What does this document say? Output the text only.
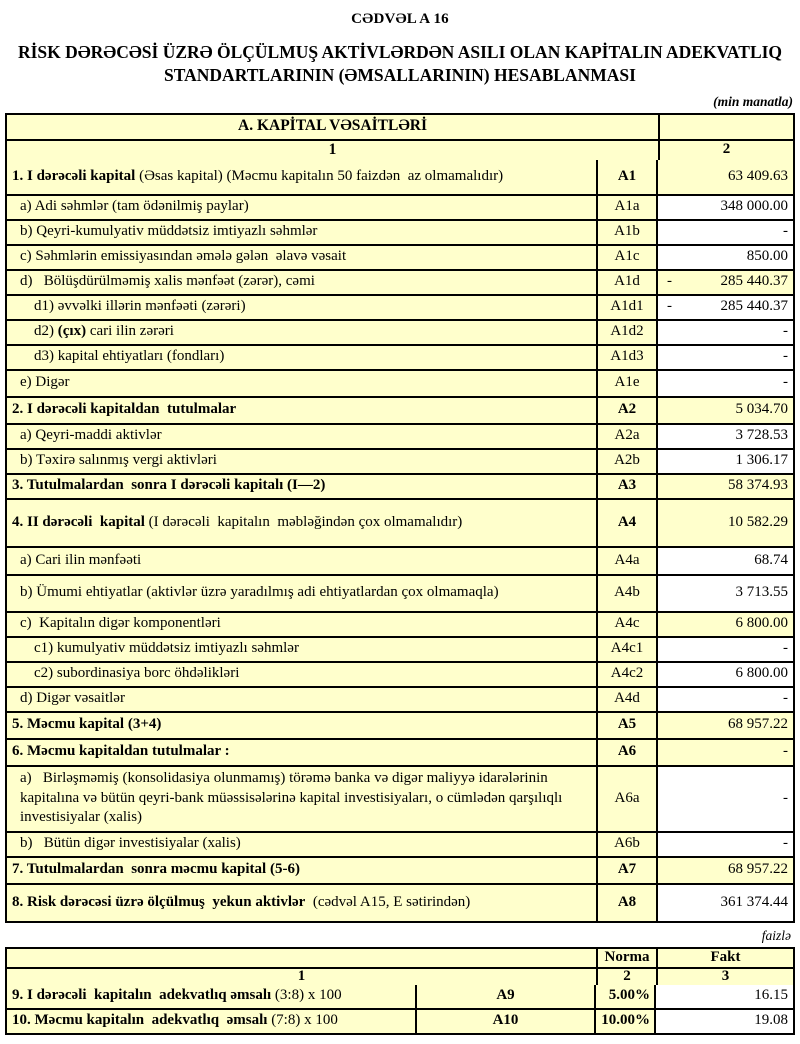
CƏDVƏL A 16
RİSK DƏRƏCƏSİ ÜZRƏ ÖLÇÜLMUŞ AKTİVLƏRDƏN ASILI OLAN KAPİTALIN ADEKVATLIQ STANDARTLARININ (ƏMSALLARININ) HESABLANMASI
(min manatla)
A. KAPİTAL VƏSAİTLƏRİ
1	2
1. I dərəcəli kapital (Əsas kapital) (Məcmu kapitalın 50 faizdən  az olmamalıdır)	A1	63 409.63
a) Adi səhmlər (tam ödənilmiş paylar)	A1a	348 000.00
b) Qeyri-kumulyativ müddətsiz imtiyazlı səhmlər	A1b	-
c) Səhmlərin emissiyasından əmələ gələn  əlavə vəsait	A1c	850.00
d)   Bölüşdürülməmiş xalis mənfəət (zərər), cəmi	A1d	-	285 440.37
d1) əvvəlki illərin mənfəəti (zərəri)	A1d1	-	285 440.37
d2) (çıx) cari ilin zərəri	A1d2	-
d3) kapital ehtiyatları (fondları)	A1d3	-
e) Digər	A1e	-
2. I dərəcəli kapitaldan  tutulmalar	A2	5 034.70
a) Qeyri-maddi aktivlər	A2a	3 728.53
b) Təxirə salınmış vergi aktivləri	A2b	1 306.17
3. Tutulmalardan  sonra I dərəcəli kapitalı (I—2)	A3	58 374.93
4. II dərəcəli  kapital (I dərəcəli  kapitalın  məbləğindən çox olmamalıdır)	A4	10 582.29
a) Cari ilin mənfəəti	A4a	68.74
b) Ümumi ehtiyatlar (aktivlər üzrə yaradılmış adi ehtiyatlardan çox olmamaqla)	A4b	3 713.55
c)  Kapitalın digər komponentləri	A4c	6 800.00
c1) kumulyativ müddətsiz imtiyazlı səhmlər	A4c1	-
c2) subordinasiya borc öhdəlikləri	A4c2	6 800.00
d) Digər vəsaitlər	A4d	-
5. Məcmu kapital (3+4)	A5	68 957.22
6. Məcmu kapitaldan tutulmalar :	A6	-
a)   Birləşməmiş (konsolidasiya olunmamış) törəmə banka və digər maliyyə idarələrinin kapitalına və bütün qeyri-bank müəssisələrinə kapital investisiyaları, o cümlədən qarşılıqlı investisiyalar (xalis)
A6a	-
b)   Bütün digər investisiyalar (xalis)	A6b	-
7. Tutulmalardan  sonra məcmu kapital (5-6)	A7	68 957.22
8. Risk dərəcəsi üzrə ölçülmuş  yekun aktivlər (cədvəl A15, E sətirindən)	A8	361 374.44
faizlə
Norma	Fakt
1	2	3
9. I dərəcəli  kapitalın  adekvatlıq əmsalı (3:8) x 100	A9	5.00%	16.15
10. Məcmu kapitalın  adekvatlıq  əmsalı (7:8) x 100	A10	10.00%	19.08
